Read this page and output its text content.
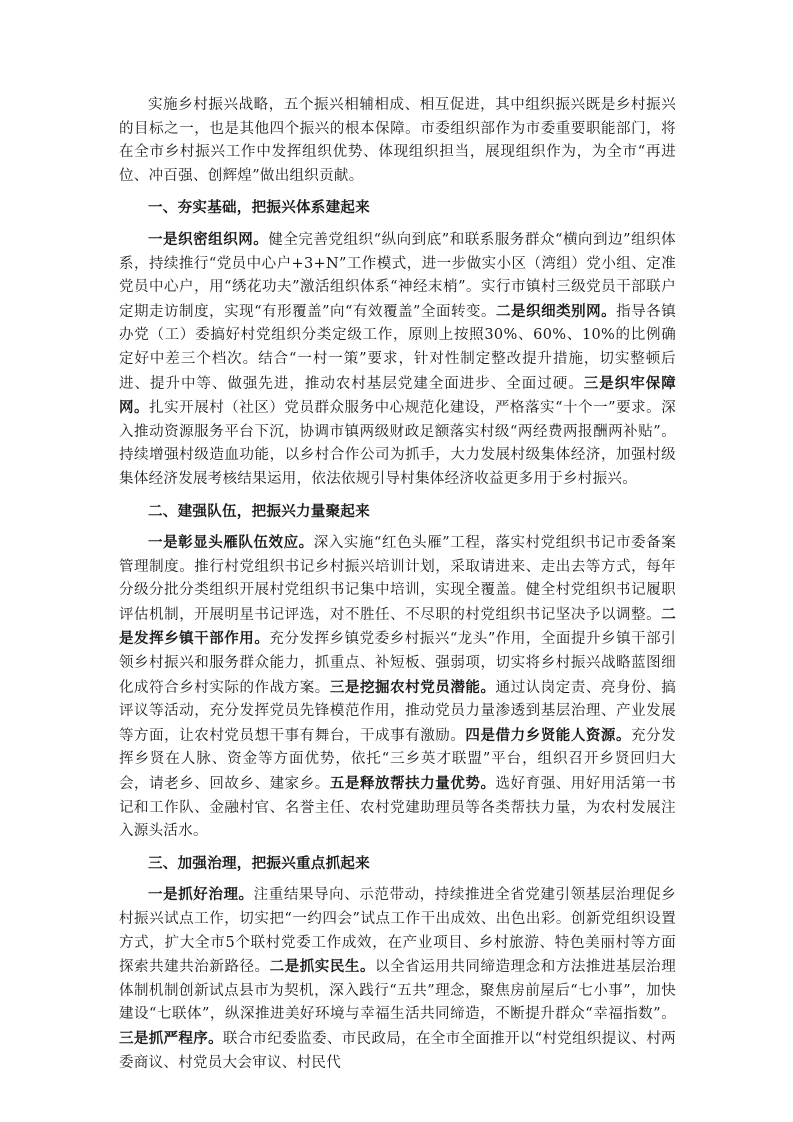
实施乡村振兴战略，五个振兴相辅相成、相互促进，其中组织振兴既是乡村振兴的目标之一，也是其他四个振兴的根本保障。市委组织部作为市委重要职能部门，将在全市乡村振兴工作中发挥组织优势、体现组织担当，展现组织作为，为全市“再进位、冲百强、创辉煌”做出组织贡献。

一、夯实基础，把振兴体系建起来

一是织密组织网。健全完善党组织“纵向到底”和联系服务群众“横向到边”组织体系，持续推行“党员中心户+3+N”工作模式，进一步做实小区（湾组）党小组、定准党员中心户，用“绣花功夫”激活组织体系“神经末梢”。实行市镇村三级党员干部联户定期走访制度，实现“有形覆盖”向“有效覆盖”全面转变。二是织细类别网。指导各镇办党（工）委搞好村党组织分类定级工作，原则上按照30%、60%、10%的比例确定好中差三个档次。结合“一村一策”要求，针对性制定整改提升措施，切实整顿后进、提升中等、做强先进，推动农村基层党建全面进步、全面过硬。三是织牢保障网。扎实开展村（社区）党员群众服务中心规范化建设，严格落实“十个一”要求。深入推动资源服务平台下沉，协调市镇两级财政足额落实村级“两经费两报酬两补贴”。持续增强村级造血功能，以乡村合作公司为抓手，大力发展村级集体经济，加强村级集体经济发展考核结果运用，依法依规引导村集体经济收益更多用于乡村振兴。

二、建强队伍，把振兴力量聚起来

一是彰显头雁队伍效应。深入实施“红色头雁”工程，落实村党组织书记市委备案管理制度。推行村党组织书记乡村振兴培训计划，采取请进来、走出去等方式，每年分级分批分类组织开展村党组织书记集中培训，实现全覆盖。健全村党组织书记履职评估机制，开展明星书记评选，对不胜任、不尽职的村党组织书记坚决予以调整。二是发挥乡镇干部作用。充分发挥乡镇党委乡村振兴“龙头”作用，全面提升乡镇干部引领乡村振兴和服务群众能力，抓重点、补短板、强弱项，切实将乡村振兴战略蓝图细化成符合乡村实际的作战方案。三是挖掘农村党员潜能。通过认岗定责、亮身份、搞评议等活动，充分发挥党员先锋模范作用，推动党员力量渗透到基层治理、产业发展等方面，让农村党员想干事有舞台，干成事有激励。四是借力乡贤能人资源。充分发挥乡贤在人脉、资金等方面优势，依托“三乡英才联盟”平台，组织召开乡贤回归大会，请老乡、回故乡、建家乡。五是释放帮扶力量优势。选好育强、用好用活第一书记和工作队、金融村官、名誉主任、农村党建助理员等各类帮扶力量，为农村发展注入源头活水。

三、加强治理，把振兴重点抓起来

一是抓好治理。注重结果导向、示范带动，持续推进全省党建引领基层治理促乡村振兴试点工作，切实把“一约四会”试点工作干出成效、出色出彩。创新党组织设置方式，扩大全市5个联村党委工作成效，在产业项目、乡村旅游、特色美丽村等方面探索共建共治新路径。二是抓实民生。以全省运用共同缔造理念和方法推进基层治理体制机制创新试点县市为契机，深入践行“五共”理念，聚焦房前屋后“七小事”，加快建设“七联体”，纵深推进美好环境与幸福生活共同缔造，不断提升群众“幸福指数”。三是抓严程序。联合市纪委监委、市民政局，在全市全面推开以“村党组织提议、村两委商议、村党员大会审议、村民代
